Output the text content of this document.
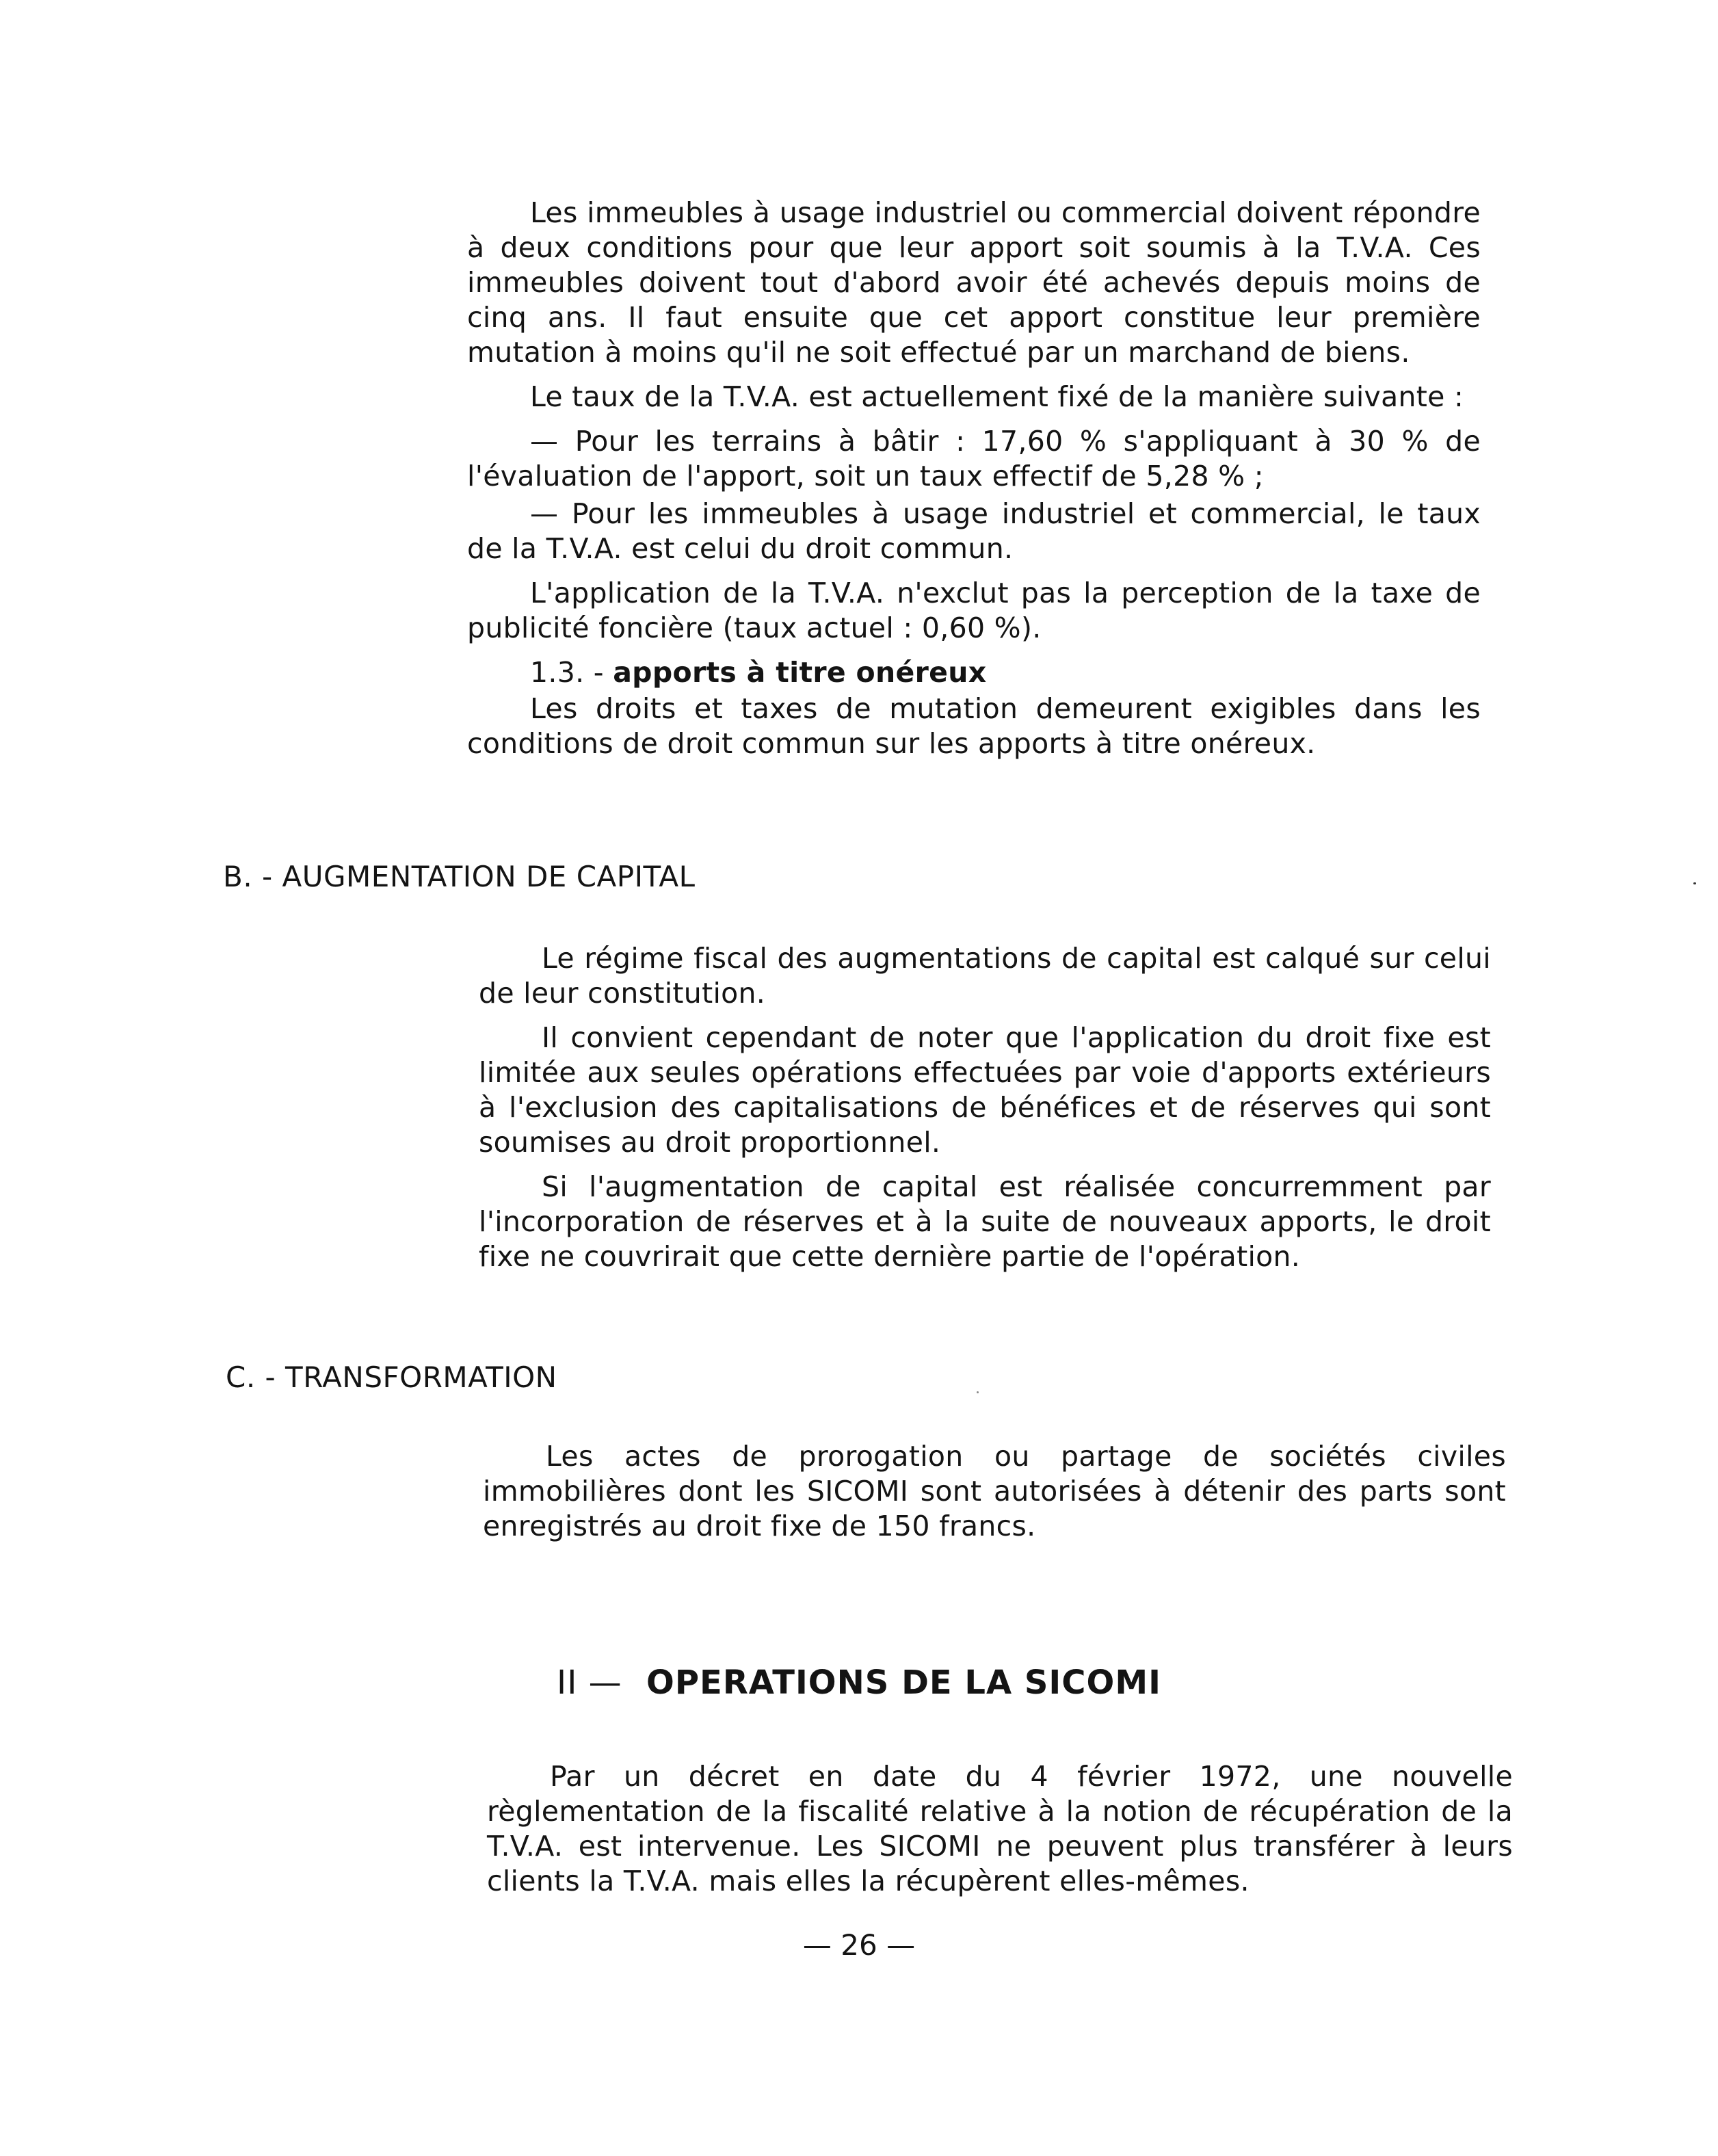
Les immeubles à usage industriel ou commercial doivent répondre à deux conditions pour que leur apport soit soumis à la T.V.A. Ces immeubles doivent tout d'abord avoir été achevés depuis moins de cinq ans. Il faut ensuite que cet apport constitue leur première mutation à moins qu'il ne soit effectué par un marchand de biens.

Le taux de la T.V.A. est actuellement fixé de la manière suivante :

— Pour les terrains à bâtir : 17,60 % s'appliquant à 30 % de l'évaluation de l'apport, soit un taux effectif de 5,28 % ;

— Pour les immeubles à usage industriel et commercial, le taux de la T.V.A. est celui du droit commun.

L'application de la T.V.A. n'exclut pas la perception de la taxe de publicité foncière (taux actuel : 0,60 %).

1.3. - apports à titre onéreux

Les droits et taxes de mutation demeurent exigibles dans les conditions de droit commun sur les apports à titre onéreux.

B. - AUGMENTATION DE CAPITAL

Le régime fiscal des augmentations de capital est calqué sur celui de leur constitution.

Il convient cependant de noter que l'application du droit fixe est limitée aux seules opérations effectuées par voie d'apports extérieurs à l'exclusion des capitalisations de bénéfices et de réserves qui sont soumises au droit proportionnel.

Si l'augmentation de capital est réalisée concurremment par l'incorporation de réserves et à la suite de nouveaux apports, le droit fixe ne couvrirait que cette dernière partie de l'opération.

C. - TRANSFORMATION

Les actes de prorogation ou partage de sociétés civiles immobilières dont les SICOMI sont autorisées à détenir des parts sont enregistrés au droit fixe de 150 francs.

II — OPERATIONS DE LA SICOMI

Par un décret en date du 4 février 1972, une nouvelle règlementation de la fiscalité relative à la notion de récupération de la T.V.A. est intervenue. Les SICOMI ne peuvent plus transférer à leurs clients la T.V.A. mais elles la récupèrent elles-mêmes.

— 26 —
